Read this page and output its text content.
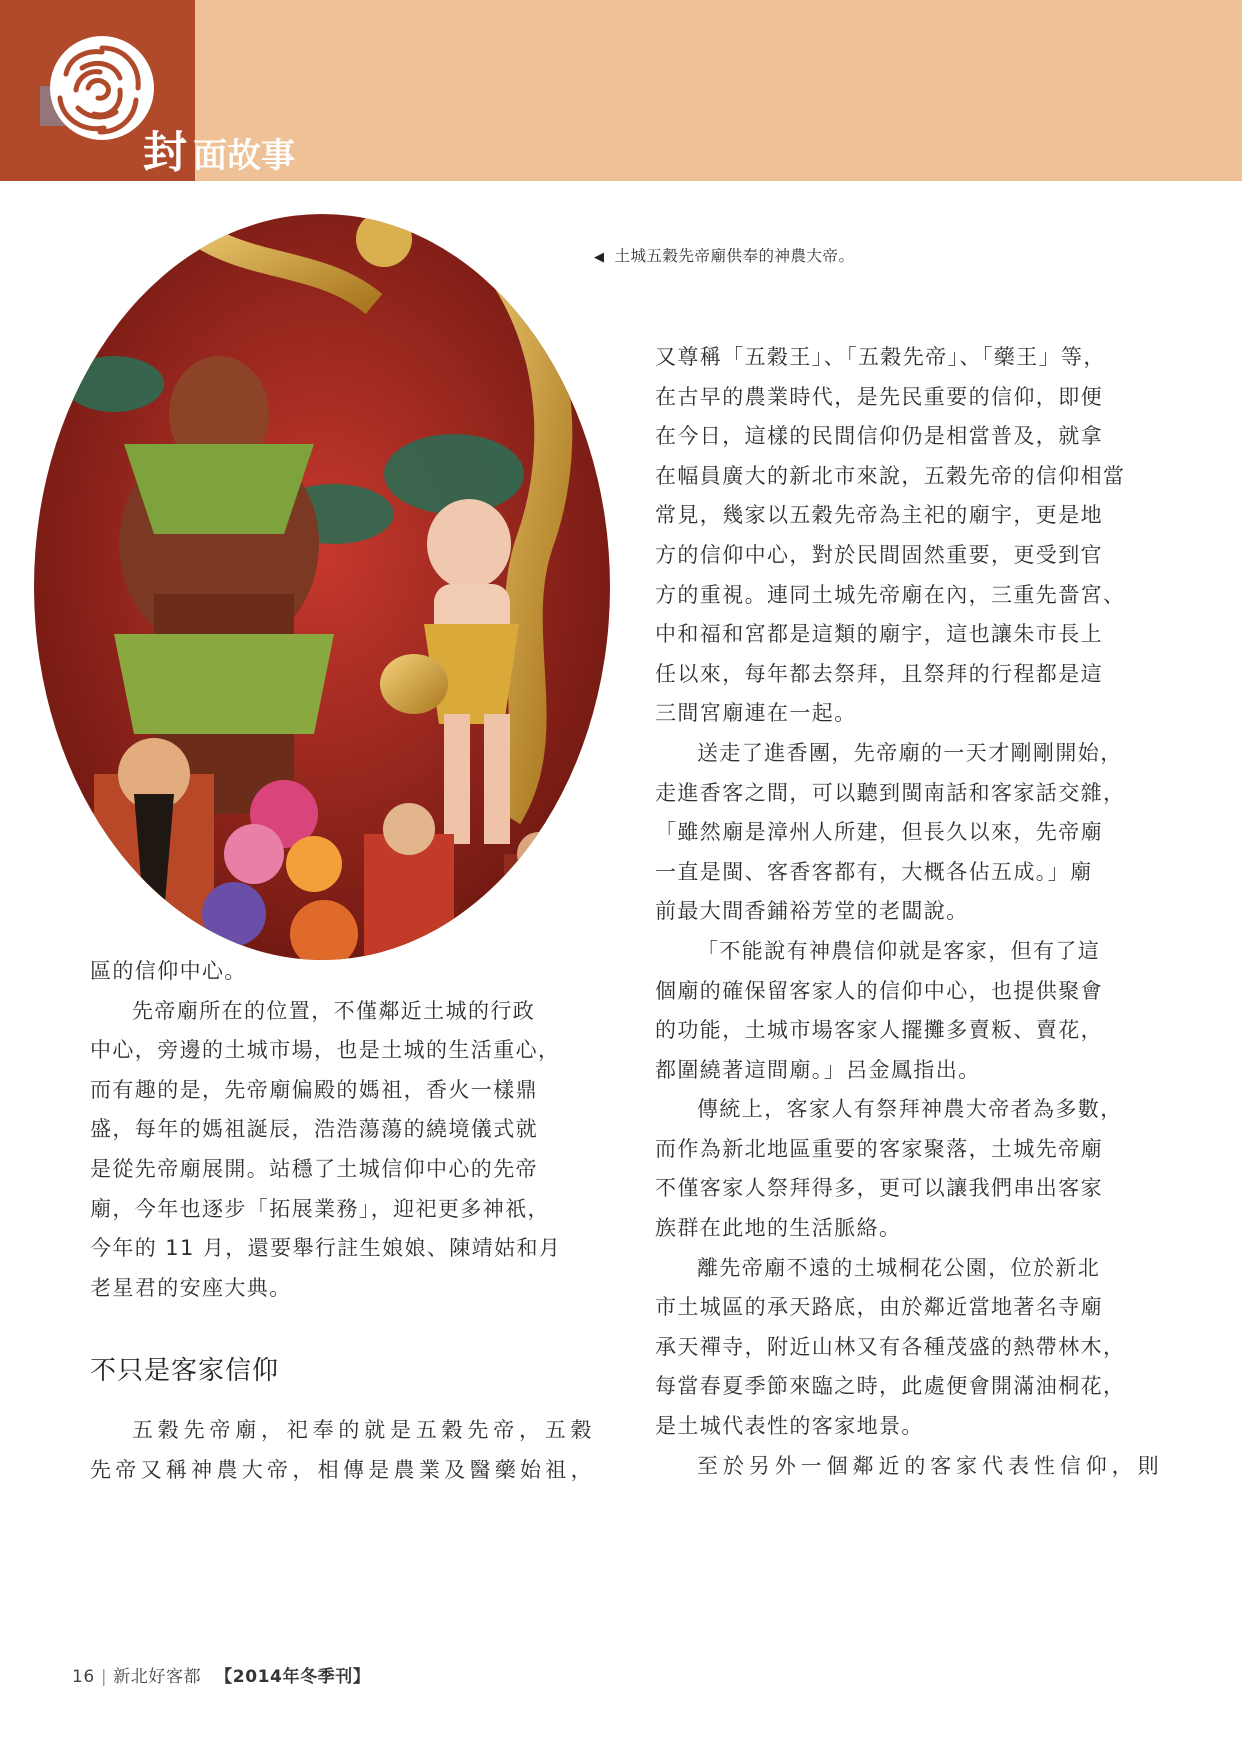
封 面故事
◀ 土城五穀先帝廟供奉的神農大帝。

又尊稱「五穀王」、「五穀先帝」、「藥王」等，
在古早的農業時代，是先民重要的信仰，即便
在今日，這樣的民間信仰仍是相當普及，就拿
在幅員廣大的新北市來說，五穀先帝的信仰相當
常見，幾家以五穀先帝為主祀的廟宇，更是地
方的信仰中心，對於民間固然重要，更受到官
方的重視。連同土城先帝廟在內，三重先嗇宮、
中和福和宮都是這類的廟宇，這也讓朱市長上
任以來，每年都去祭拜，且祭拜的行程都是這
三間宮廟連在一起。

送走了進香團，先帝廟的一天才剛剛開始，
走進香客之間，可以聽到閩南話和客家話交雜，
「雖然廟是漳州人所建，但長久以來，先帝廟
一直是閩、客香客都有，大概各佔五成。」廟
前最大間香鋪裕芳堂的老闆說。

「不能說有神農信仰就是客家，但有了這
個廟的確保留客家人的信仰中心，也提供聚會
的功能，土城市場客家人擺攤多賣粄、賣花，
都圍繞著這間廟。」呂金鳳指出。

傳統上，客家人有祭拜神農大帝者為多數，
而作為新北地區重要的客家聚落，土城先帝廟
不僅客家人祭拜得多，更可以讓我們串出客家
族群在此地的生活脈絡。

離先帝廟不遠的土城桐花公園，位於新北
市土城區的承天路底，由於鄰近當地著名寺廟
承天禪寺，附近山林又有各種茂盛的熱帶林木，
每當春夏季節來臨之時，此處便會開滿油桐花，
是土城代表性的客家地景。

至於另外一個鄰近的客家代表性信仰，則

區的信仰中心。

先帝廟所在的位置，不僅鄰近土城的行政
中心，旁邊的土城市場，也是土城的生活重心，
而有趣的是，先帝廟偏殿的媽祖，香火一樣鼎
盛，每年的媽祖誕辰，浩浩蕩蕩的繞境儀式就
是從先帝廟展開。站穩了土城信仰中心的先帝
廟，今年也逐步「拓展業務」，迎祀更多神祇，
今年的 11 月，還要舉行註生娘娘、陳靖姑和月
老星君的安座大典。

不只是客家信仰

五穀先帝廟，祀奉的就是五穀先帝，五穀
先帝又稱神農大帝，相傳是農業及醫藥始祖，

16 | 新北好客都 【2014年冬季刊】
